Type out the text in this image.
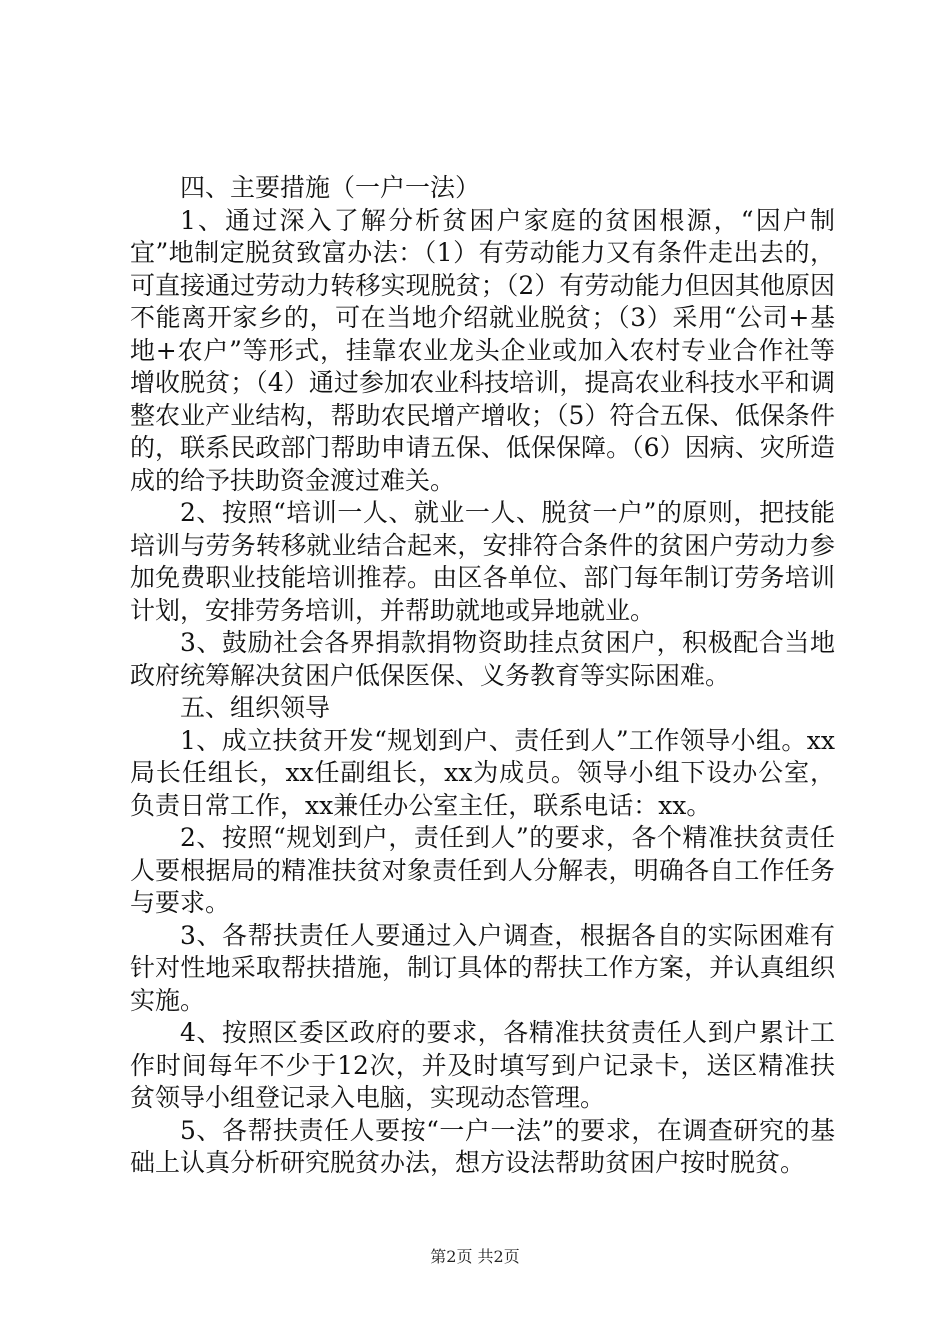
四、主要措施（一户一法）

1、通过深入了解分析贫困户家庭的贫困根源，“因户制宜”地制定脱贫致富办法：（1）有劳动能力又有条件走出去的，可直接通过劳动力转移实现脱贫；（2）有劳动能力但因其他原因不能离开家乡的，可在当地介绍就业脱贫；（3）采用“公司+基地+农户”等形式，挂靠农业龙头企业或加入农村专业合作社等增收脱贫；（4）通过参加农业科技培训，提高农业科技水平和调整农业产业结构，帮助农民增产增收；（5）符合五保、低保条件的，联系民政部门帮助申请五保、低保保障。（6）因病、灾所造成的给予扶助资金渡过难关。

2、按照“培训一人、就业一人、脱贫一户”的原则，把技能培训与劳务转移就业结合起来，安排符合条件的贫困户劳动力参加免费职业技能培训推荐。由区各单位、部门每年制订劳务培训计划，安排劳务培训，并帮助就地或异地就业。

3、鼓励社会各界捐款捐物资助挂点贫困户，积极配合当地政府统筹解决贫困户低保医保、义务教育等实际困难。

五、组织领导

1、成立扶贫开发“规划到户、责任到人”工作领导小组。xx局长任组长，xx任副组长，xx为成员。领导小组下设办公室，负责日常工作，xx兼任办公室主任，联系电话：xx。

2、按照“规划到户，责任到人”的要求，各个精准扶贫责任人要根据局的精准扶贫对象责任到人分解表，明确各自工作任务与要求。

3、各帮扶责任人要通过入户调查，根据各自的实际困难有针对性地采取帮扶措施，制订具体的帮扶工作方案，并认真组织实施。

4、按照区委区政府的要求，各精准扶贫责任人到户累计工作时间每年不少于12次，并及时填写到户记录卡，送区精准扶贫领导小组登记录入电脑，实现动态管理。

5、各帮扶责任人要按“一户一法”的要求，在调查研究的基础上认真分析研究脱贫办法，想方设法帮助贫困户按时脱贫。

第2页 共2页
